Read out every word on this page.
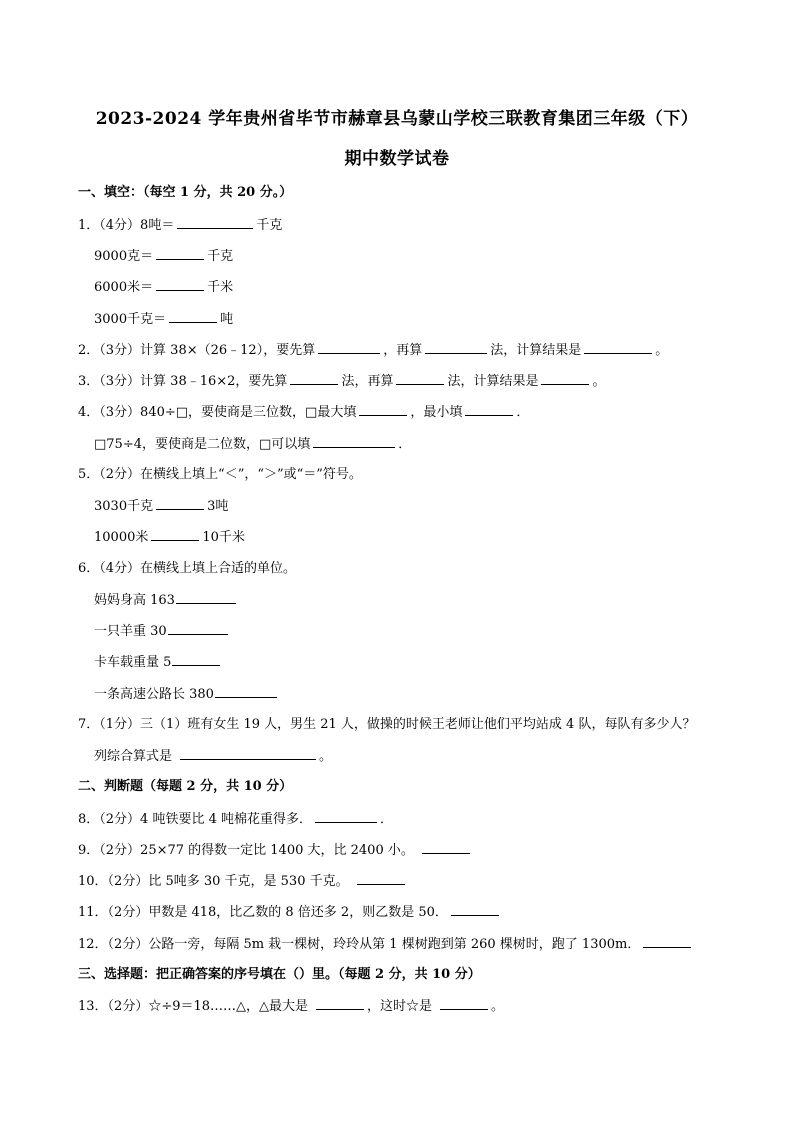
2023-2024 学年贵州省毕节市赫章县乌蒙山学校三联教育集团三年级（下）
期中数学试卷
一、填空：（每空 1 分，共 20 分。）
1．（4分）8吨＝	千克
9000克＝	千克
6000米＝	千米
3000千克＝	吨
2．（3分）计算 38×（26﹣12），要先算	，再算	法，计算结果是	。
3．（3分）计算 38﹣16×2，要先算	法，再算	法，计算结果是	。
4．（3分）840÷□，要使商是三位数，□最大填	，最小填	．
□75÷4，要使商是二位数，□可以填	．
5．（2分）在横线上填上“＜”，“＞”或“＝”符号。
3030千克	3吨
10000米	10千米
6．（4分）在横线上填上合适的单位。
妈妈身高 163
一只羊重 30
卡车载重量 5
一条高速公路长 380
7．（1分）三（1）班有女生 19 人，男生 21 人，做操的时候王老师让他们平均站成 4 队，每队有多少人？
列综合算式是	。
二、判断题（每题 2 分，共 10 分）
8．（2分）4 吨铁要比 4 吨棉花重得多．	．
9．（2分）25×77 的得数一定比 1400 大，比 2400 小。
10．（2分）比 5吨多 30 千克，是 530 千克。
11．（2分）甲数是 418，比乙数的 8 倍还多 2，则乙数是 50．
12．（2分）公路一旁，每隔 5m 栽一棵树，玲玲从第 1 棵树跑到第 260 棵树时，跑了 1300m．
三、选择题：把正确答案的序号填在（）里。（每题 2 分，共 10 分）
13．（2分）☆÷9＝18……△，△最大是	，这时☆是	。
